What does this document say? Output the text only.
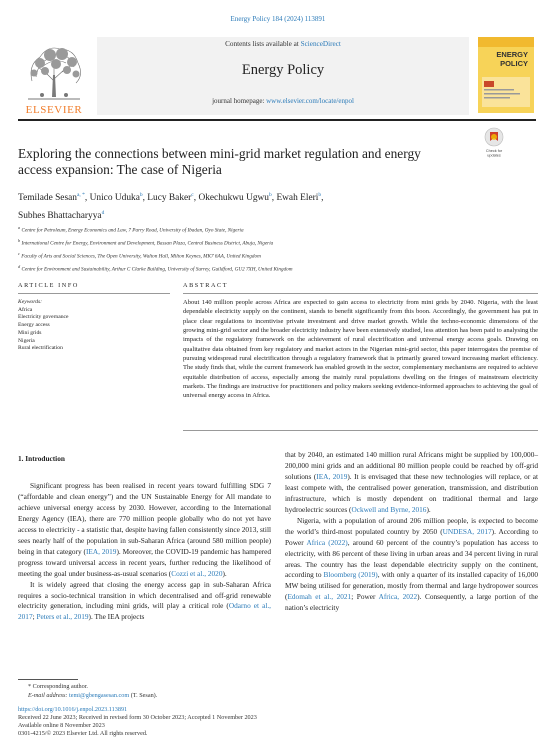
Energy Policy 184 (2024) 113891
Contents lists available at ScienceDirect
Energy Policy
journal homepage: www.elsevier.com/locate/enpol
ELSEVIER
ENERGY
POLICY
Check for
updates
Exploring the connections between mini-grid market regulation and energy
access expansion: The case of Nigeria
Temilade Sesan$^{a, *}$, Unico Uduka$^b$, Lucy Baker$^c$, Okechukwu Ugwu$^b$, Ewah Eleri$^b$,
Subhes Bhattacharyya$^d$
$^a$ Centre for Petroleum, Energy Economics and Law, 7 Parry Road, University of Ibadan, Oyo State, Nigeria
$^b$ International Centre for Energy, Environment and Development, Bassan Plaza, Central Business District, Abuja, Nigeria
$^c$ Faculty of Arts and Social Sciences, The Open University, Walton Hall, Milton Keynes, MK7 6AA, United Kingdom
$^d$ Centre for Environment and Sustainability, Arthur C Clarke Building, University of Surrey, Guildford, GU2 7XH, United Kingdom
ARTICLE INFO
Keywords:
Africa
Electricity governance
Energy access
Mini grids
Nigeria
Rural electrification
ABSTRACT
About 140 million people across Africa are expected to gain access to electricity from mini grids by 2040. Nigeria, with the least dependable electricity supply on the continent, stands to benefit significantly from this boon. Accordingly, the government has put in place clear regulations to incentivise private investment and drive market growth. While the techno-economic dimensions of the growing mini-grid sector and the broader electricity industry have been extensively studied, less attention has been paid to analysing the impacts of the regulatory framework on the achievement of rural electrification and universal energy access goals. Drawing on qualitative data obtained from key regulatory and market actors in the Nigerian mini-grid sector, this paper interrogates the premise of pursuing widespread rural electrification through a regulatory framework that is primarily geared toward increasing market efficiency. The study finds that, while the current framework has enabled growth in the sector, complementary mechanisms are required to achieve equitable distribution of access, especially among the mainly rural populations dwelling on the fringes of mainstream electricity markets. The findings are instructive for practitioners and policy makers seeking evidence-informed approaches to achieving the goal of universal energy access in Africa.
1. Introduction

Significant progress has been realised in recent years toward fulfilling SDG 7 (“affordable and clean energy”) and the UN Sustainable Energy for All mandate to achieve universal energy access by 2030. However, according to the International Energy Agency (IEA), there are 770 million people globally who do not yet have access to electricity - a statistic that, despite having fallen consistently since 2013, still sees nearly half of the population in sub-Saharan Africa (around 580 million people) being in that category (IEA, 2019). Moreover, the COVID-19 pandemic has hampered progress toward universal access in recent years, further reducing the likelihood of meeting the goal under business-as-usual scenarios (Cozzi et al., 2020).

It is widely agreed that closing the energy access gap in sub-Saharan Africa requires a socio-technical transition in which decentralised and off-grid renewable electricity generation, including mini grids, will play a critical role (Odarno et al., 2017; Peters et al., 2019). The IEA projects

that by 2040, an estimated 140 million rural Africans might be supplied by 100,000–200,000 mini grids and an additional 80 million people could be reached by off-grid solutions (IEA, 2019). It is envisaged that these new technologies will replace, or at least compete with, the centralised power generation, transmission, and distribution infrastructure, which is mostly dependent on traditional thermal and large hydroelectric sources (Ockwell and Byrne, 2016).

Nigeria, with a population of around 206 million people, is expected to become the world’s third-most populated country by 2050 (UNDESA, 2017). According to Power Africa (2022), around 60 percent of the country’s population has access to electricity, with 86 percent of these living in urban areas and 34 percent living in rural areas. The country has the least dependable electricity supply on the continent, according to Bloomberg (2019), with only a quarter of its installed capacity of 16,000 MW being utilised for generation, mostly from thermal and large hydropower sources (Edomah et al., 2021; Power Africa, 2022). Consequently, a large portion of the nation’s electricity

* Corresponding author.
E-mail address: temi@gbengasesan.com (T. Sesan).
https://doi.org/10.1016/j.enpol.2023.113891
Received 22 June 2023; Received in revised form 30 October 2023; Accepted 1 November 2023
Available online 8 November 2023
0301-4215/© 2023 Elsevier Ltd. All rights reserved.
